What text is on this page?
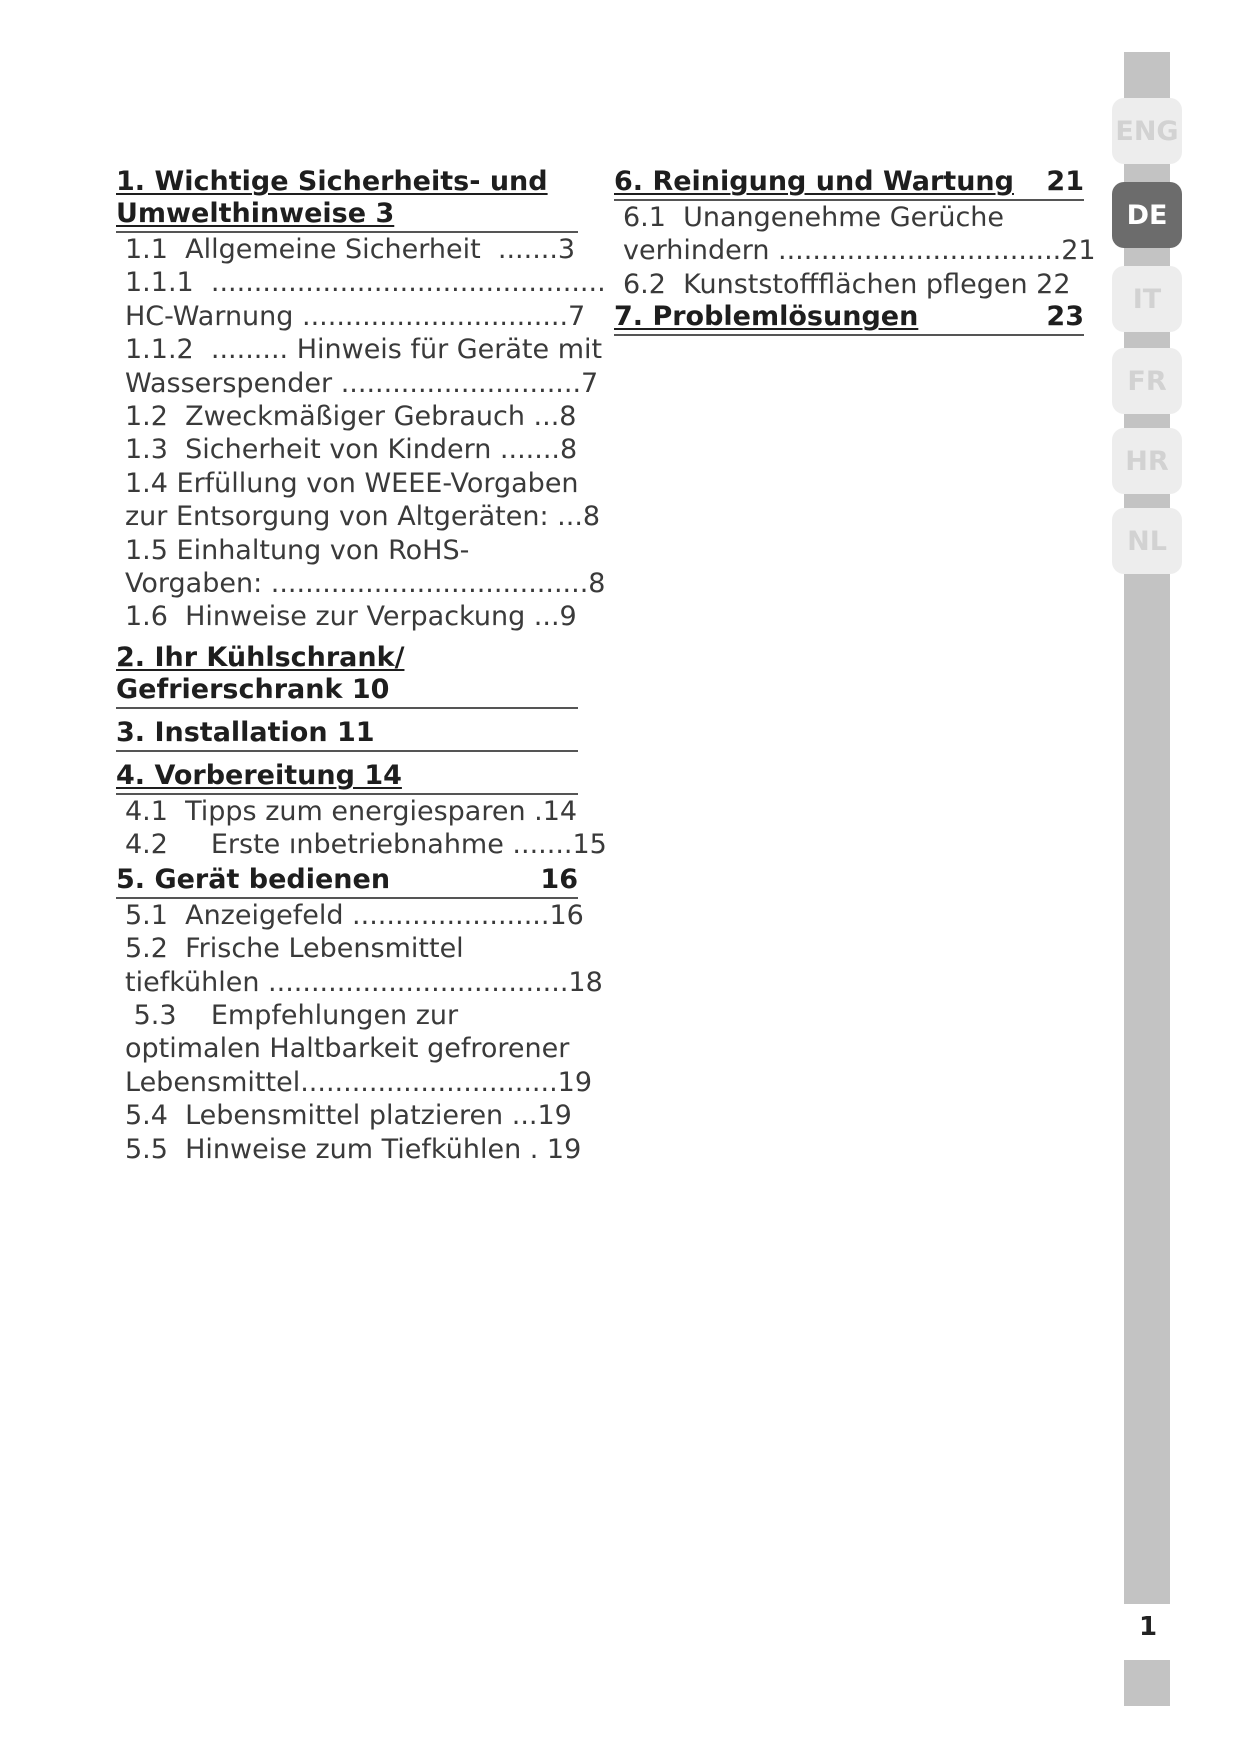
1. Wichtige Sicherheits- und
Umwelthinweise 3
1.1  Allgemeine Sicherheit  .......3
1.1.1  ..............................................
HC-Warnung ...............................7
1.1.2  ......... Hinweis für Geräte mit
Wasserspender ............................7
1.2  Zweckmäßiger Gebrauch ...8
1.3  Sicherheit von Kindern .......8
1.4 Erfüllung von WEEE-Vorgaben
zur Entsorgung von Altgeräten: ...8
1.5 Einhaltung von RoHS-
Vorgaben: .....................................8
1.6  Hinweise zur Verpackung ...9
2. Ihr Kühlschrank/
Gefrierschrank 10
3. Installation 11
4. Vorbereitung 14
4.1  Tipps zum energiesparen .14
4.2     Erste ınbetriebnahme .......15
5. Gerät bedienen	16
5.1  Anzeigefeld .......................16
5.2  Frische Lebensmittel
tiefkühlen ...................................18
5.3    Empfehlungen zur
optimalen Haltbarkeit gefrorener
Lebensmittel..............................19
5.4  Lebensmittel platzieren ...19
5.5  Hinweise zum Tiefkühlen . 19
6. Reinigung und Wartung 21
6.1  Unangenehme Gerüche
verhindern .................................21
6.2  Kunststoffflächen pflegen 22
7. Problemlösungen	23
ENG
DE
IT
FR
HR
NL
1
